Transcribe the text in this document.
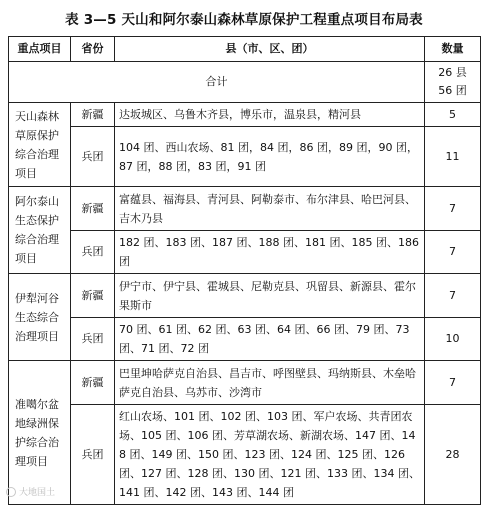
表 3—5 天山和阿尔泰山森林草原保护工程重点项目布局表
重点项目	省份	县（市、区、团）	数量
合计			26 县
56 团

天山森林草原保护综合治理项目	新疆	达坂城区、乌鲁木齐县，博乐市，温泉县，精河县	5
	兵团	104 团、西山农场、81 团，84 团，86 团，89 团，90 团，87 团，88 团，83 团，91 团	11
阿尔泰山生态保护综合治理项目	新疆	富蕴县、福海县、青河县、阿勒泰市、布尔津县、哈巴河县、吉木乃县	7
	兵团	182 团、183 团、187 团、188 团、181 团、185 团、186 团	7
伊犁河谷生态综合治理项目	新疆	伊宁市、伊宁县、霍城县、尼勒克县、巩留县、新源县、霍尔果斯市	7
	兵团	70 团、61 团、62 团、63 团、64 团、66 团、79 团、73 团、71 团、72 团	10
准噶尔盆地绿洲保护综合治理项目	新疆	巴里坤哈萨克自治县、昌吉市、呼图壁县、玛纳斯县、木垒哈萨克自治县、乌苏市、沙湾市	7
	兵团	红山农场、101 团、102 团、103 团、军户农场、共青团农场、105 团、106 团、芳草湖农场、新湖农场、147 团、148 团、149 团、150 团、123 团、124 团、125 团、126 团、127 团、128 团、130 团、121 团、133 团、134 团、141 团、142 团、143 团、144 团	28
大地国土
